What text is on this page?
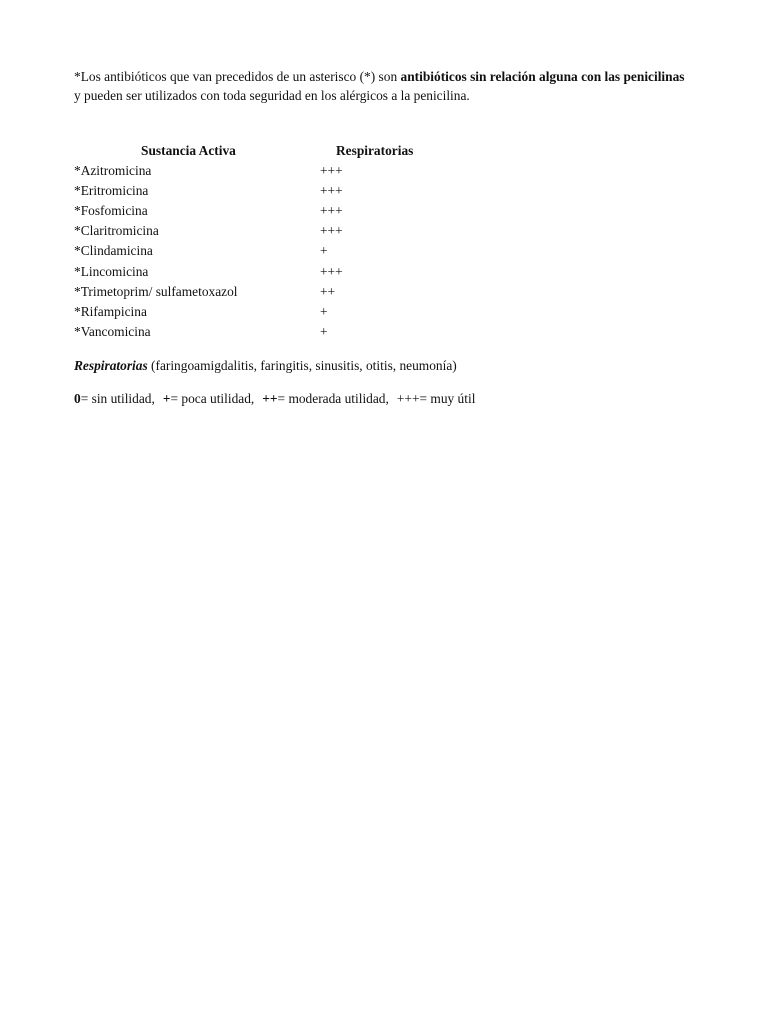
*Los antibióticos que van precedidos de un asterisco (*) son antibióticos sin relación alguna con las penicilinas y pueden ser utilizados con toda seguridad en los alérgicos a la penicilina.

Sustancia Activa	Respiratorias
*Azitromicina	+++
*Eritromicina	+++
*Fosfomicina	+++
*Claritromicina	+++
*Clindamicina	+
*Lincomicina	+++
*Trimetoprim/ sulfametoxazol	++
*Rifampicina	+
*Vancomicina	+

Respiratorias (faringoamigdalitis, faringitis, sinusitis, otitis, neumonía)

0= sin utilidad, += poca utilidad, ++= moderada utilidad, +++= muy útil
